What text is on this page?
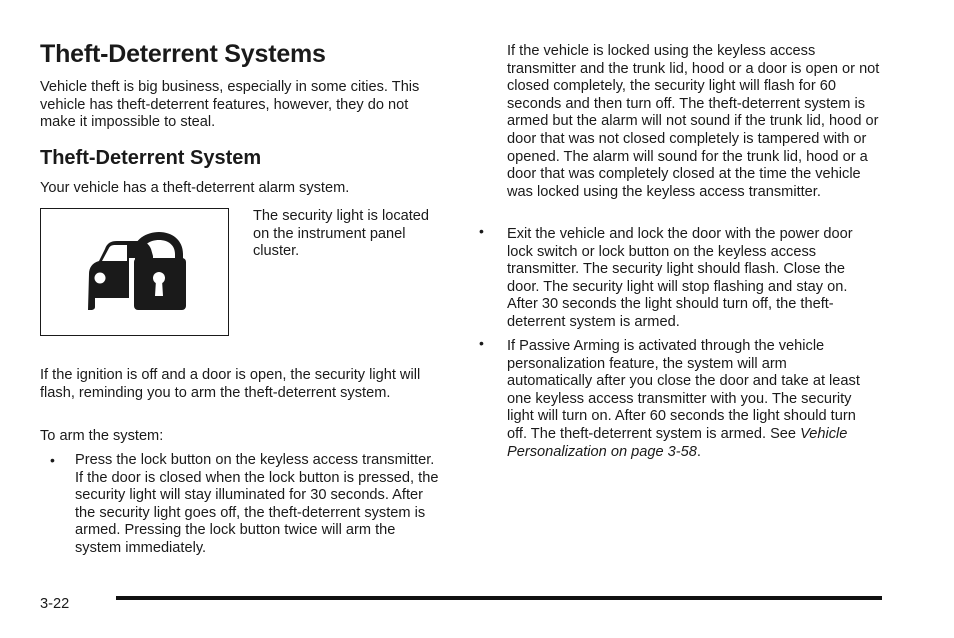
Theft-Deterrent Systems

Vehicle theft is big business, especially in some cities. This vehicle has theft-deterrent features, however, they do not make it impossible to steal.

Theft-Deterrent System

Your vehicle has a theft-deterrent alarm system.

The security light is located on the instrument panel cluster.

If the ignition is off and a door is open, the security light will flash, reminding you to arm the theft-deterrent system.

To arm the system:

• Press the lock button on the keyless access transmitter. If the door is closed when the lock button is pressed, the security light will stay illuminated for 30 seconds. After the security light goes off, the theft-deterrent system is armed. Pressing the lock button twice will arm the system immediately.

If the vehicle is locked using the keyless access transmitter and the trunk lid, hood or a door is open or not closed completely, the security light will flash for 60 seconds and then turn off. The theft-deterrent system is armed but the alarm will not sound if the trunk lid, hood or door that was not closed completely is tampered with or opened. The alarm will sound for the trunk lid, hood or a door that was completely closed at the time the vehicle was locked using the keyless access transmitter.

• Exit the vehicle and lock the door with the power door lock switch or lock button on the keyless access transmitter. The security light should flash. Close the door. The security light will stop flashing and stay on. After 30 seconds the light should turn off, the theft-deterrent system is armed.

• If Passive Arming is activated through the vehicle personalization feature, the system will arm automatically after you close the door and take at least one keyless access transmitter with you. The security light will turn on. After 60 seconds the light should turn off. The theft-deterrent system is armed. See Vehicle Personalization on page 3-58.

3-22
